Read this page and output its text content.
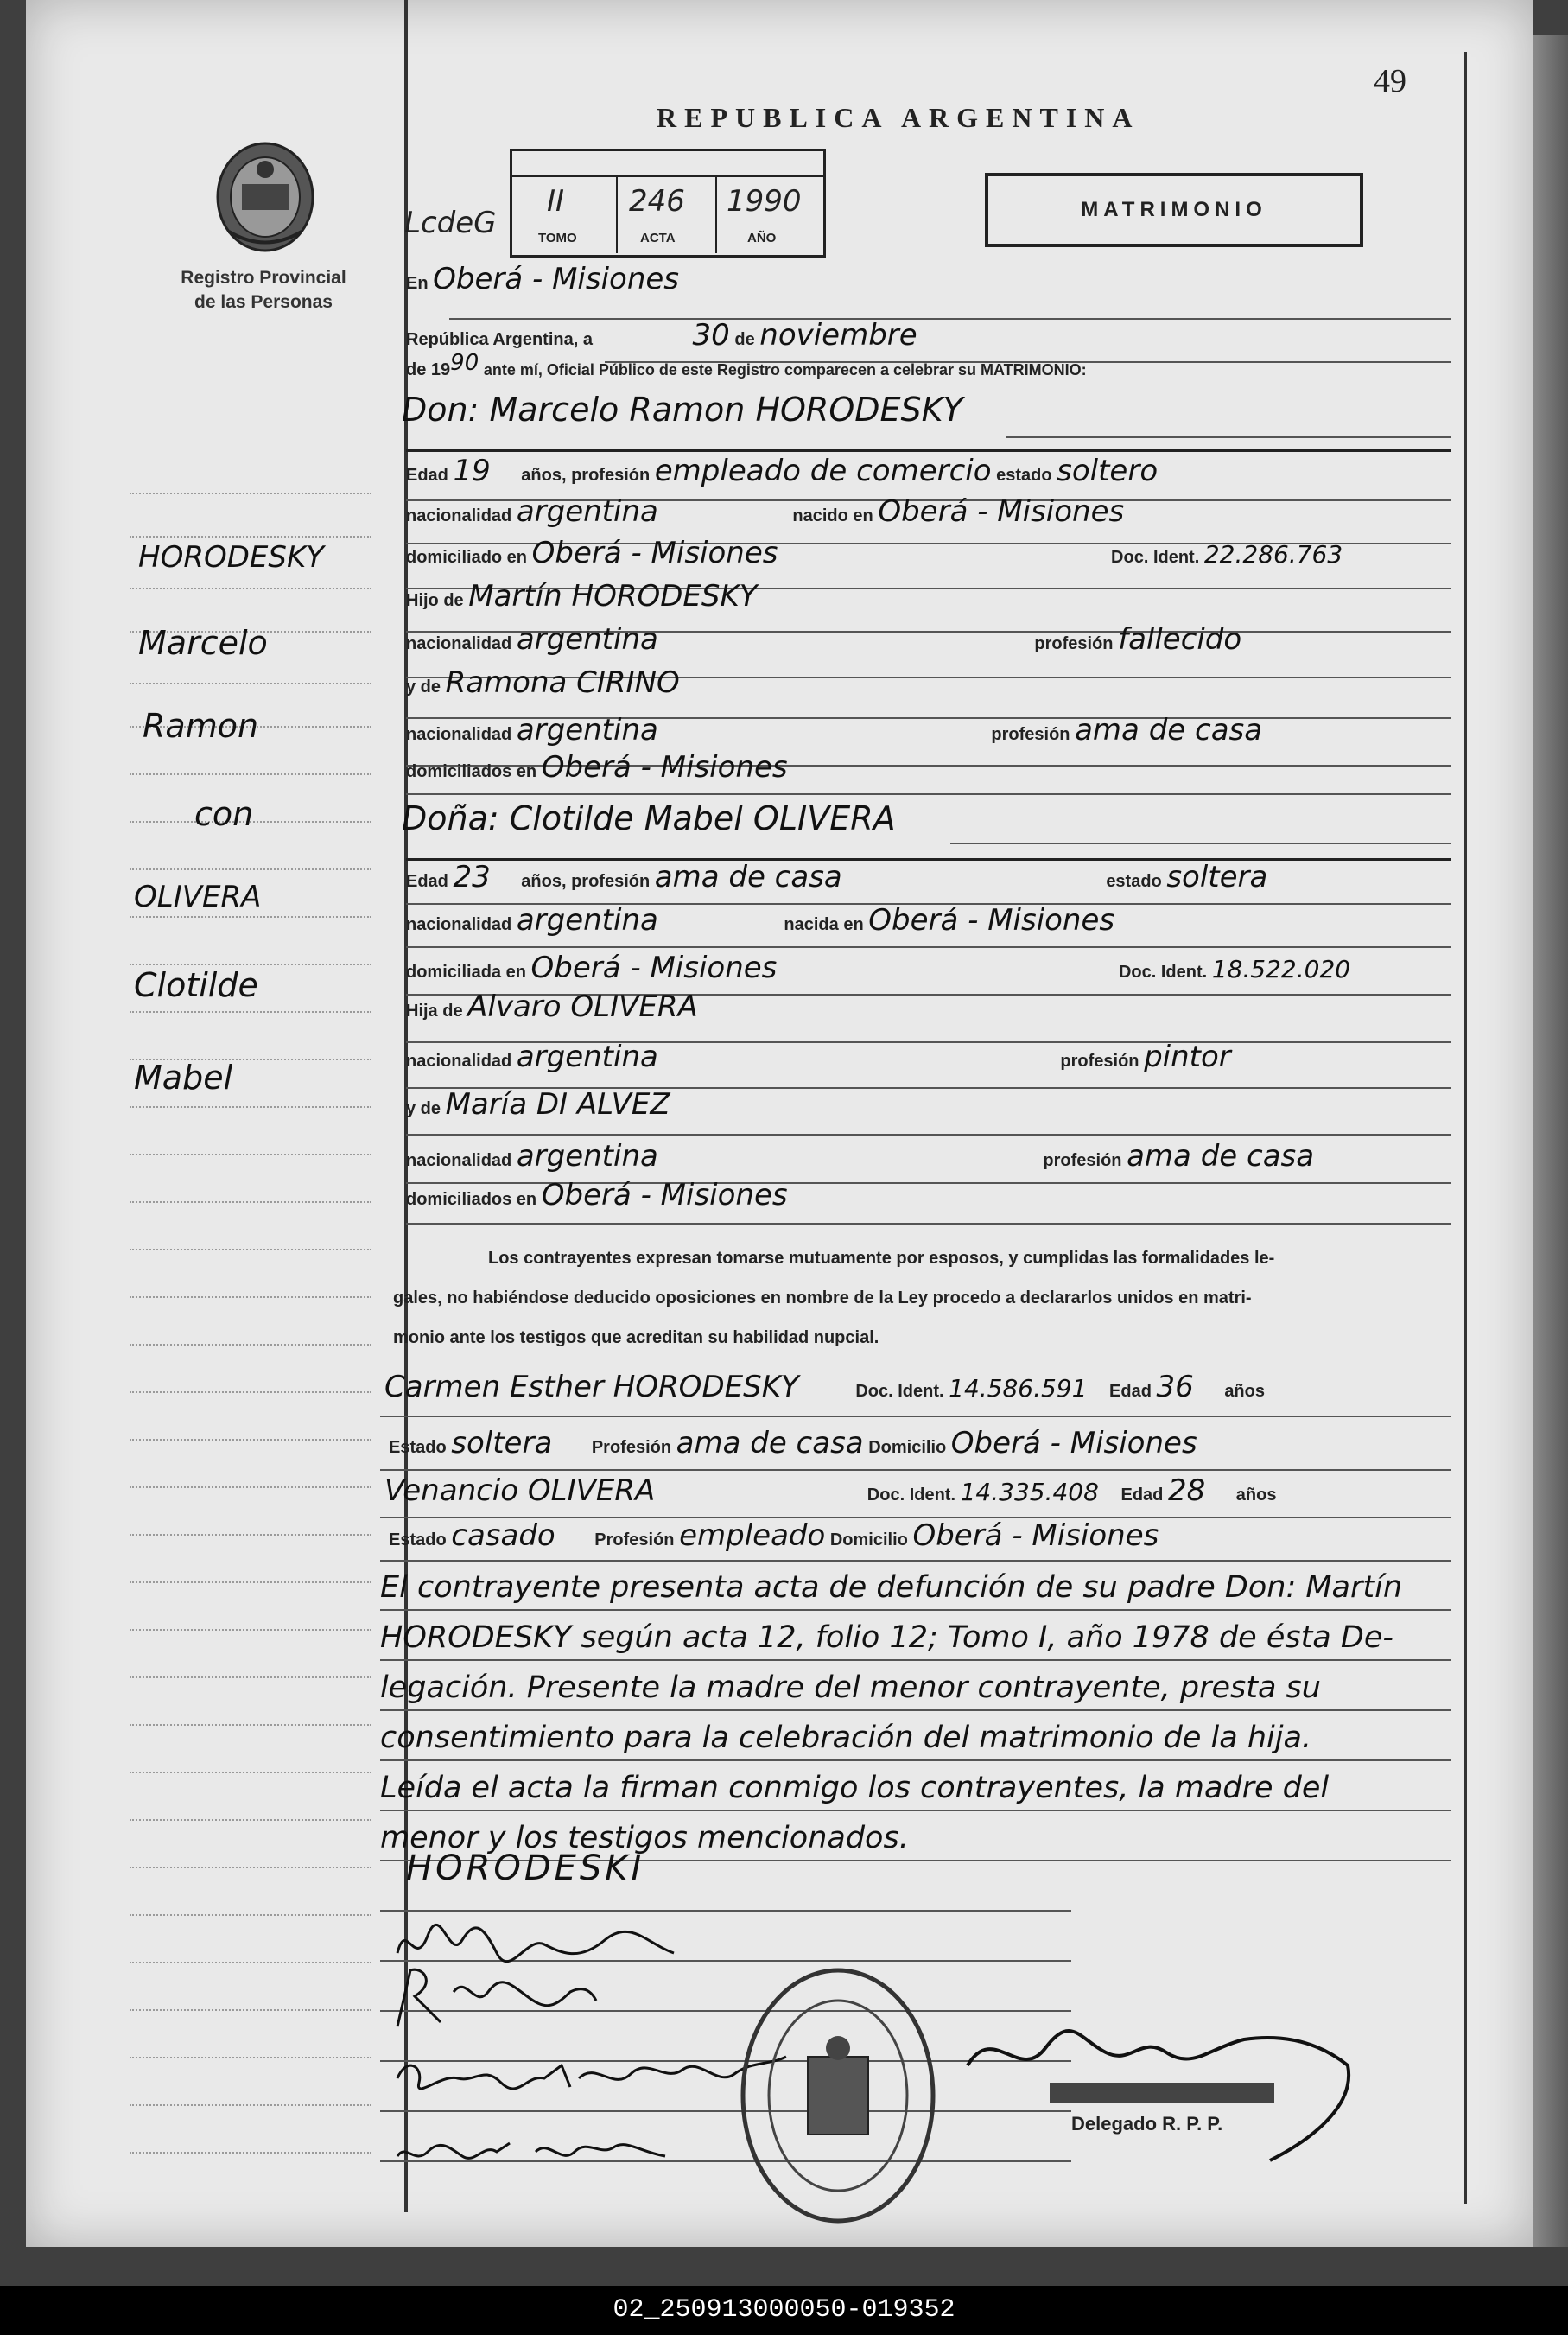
49
REPUBLICA ARGENTINA
Registro Provincial
de las Personas
LcdeG
II
TOMO
246
ACTA
1990
AÑO
MATRIMONIO
En Oberá - Misiones
República Argentina, a	30 de noviembre
de 1990 ante mí, Oficial Público de este Registro comparecen a celebrar su MATRIMONIO:
Don: Marcelo Ramon HORODESKY
Edad 19 años, profesión empleado de comercio estado soltero
nacionalidad argentina	nacido en Oberá - Misiones
domiciliado en Oberá - Misiones	Doc. Ident. 22.286.763
Hijo de Martín HORODESKY
nacionalidad argentina	profesión fallecido
y de Ramona CIRINO
nacionalidad argentina	profesión ama de casa
domiciliados en Oberá - Misiones
Doña: Clotilde Mabel OLIVERA
Edad 23 años, profesión ama de casa	estado soltera
nacionalidad argentina	nacida en Oberá - Misiones
domiciliada en Oberá - Misiones	Doc. Ident. 18.522.020
Hija de Alvaro OLIVERA
nacionalidad argentina	profesión pintor
y de María DI ALVEZ
nacionalidad argentina	profesión ama de casa
domiciliados en Oberá - Misiones
Los contrayentes expresan tomarse mutuamente por esposos, y cumplidas las formalidades le-
gales, no habiéndose deducido oposiciones en nombre de la Ley procedo a declararlos unidos en matri-
monio ante los testigos que acreditan su habilidad nupcial.
Carmen Esther HORODESKY	Doc. Ident. 14.586.591 Edad 36 años
Estado soltera Profesión ama de casa Domicilio Oberá - Misiones
Venancio OLIVERA	Doc. Ident. 14.335.408 Edad 28 años
Estado casado Profesión empleado Domicilio Oberá - Misiones
El contrayente presenta acta de defunción de su padre Don: Martín
HORODESKY según acta 12, folio 12; Tomo I, año 1978 de ésta De-
legación. Presente la madre del menor contrayente, presta su
consentimiento para la celebración del matrimonio de la hija.
Leída el acta la firman conmigo los contrayentes, la madre del
menor y los testigos mencionados.
HORODESKY
Marcelo
Ramon
con
OLIVERA
Clotilde
Mabel
HORODESKI
Delegado R. P. P.
02_250913000050-019352
